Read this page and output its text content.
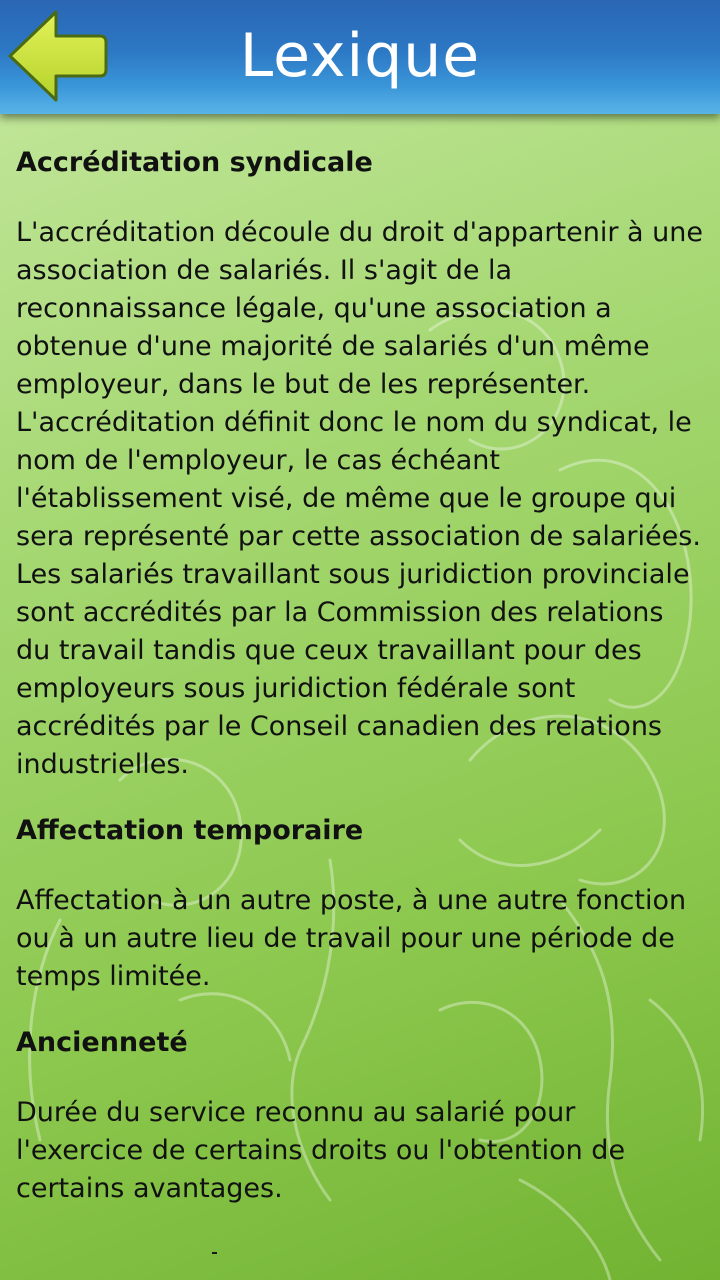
Lexique
Accréditation syndicale
L'accréditation découle du droit d'appartenir à une association de salariés. Il s'agit de la reconnaissance légale, qu'une association a obtenue d'une majorité de salariés d'un même employeur, dans le but de les représenter. L'accréditation définit donc le nom du syndicat, le nom de l'employeur, le cas échéant l'établissement visé, de même que le groupe qui sera représenté par cette association de salariées. Les salariés travaillant sous juridiction provinciale sont accrédités par la Commission des relations du travail tandis que ceux travaillant pour des employeurs sous juridiction fédérale sont accrédités par le Conseil canadien des relations industrielles.
Affectation temporaire
Affectation à un autre poste, à une autre fonction ou à un autre lieu de travail pour une période de temps limitée.
Ancienneté
Durée du service reconnu au salarié pour l'exercice de certains droits ou l'obtention de certains avantages.
